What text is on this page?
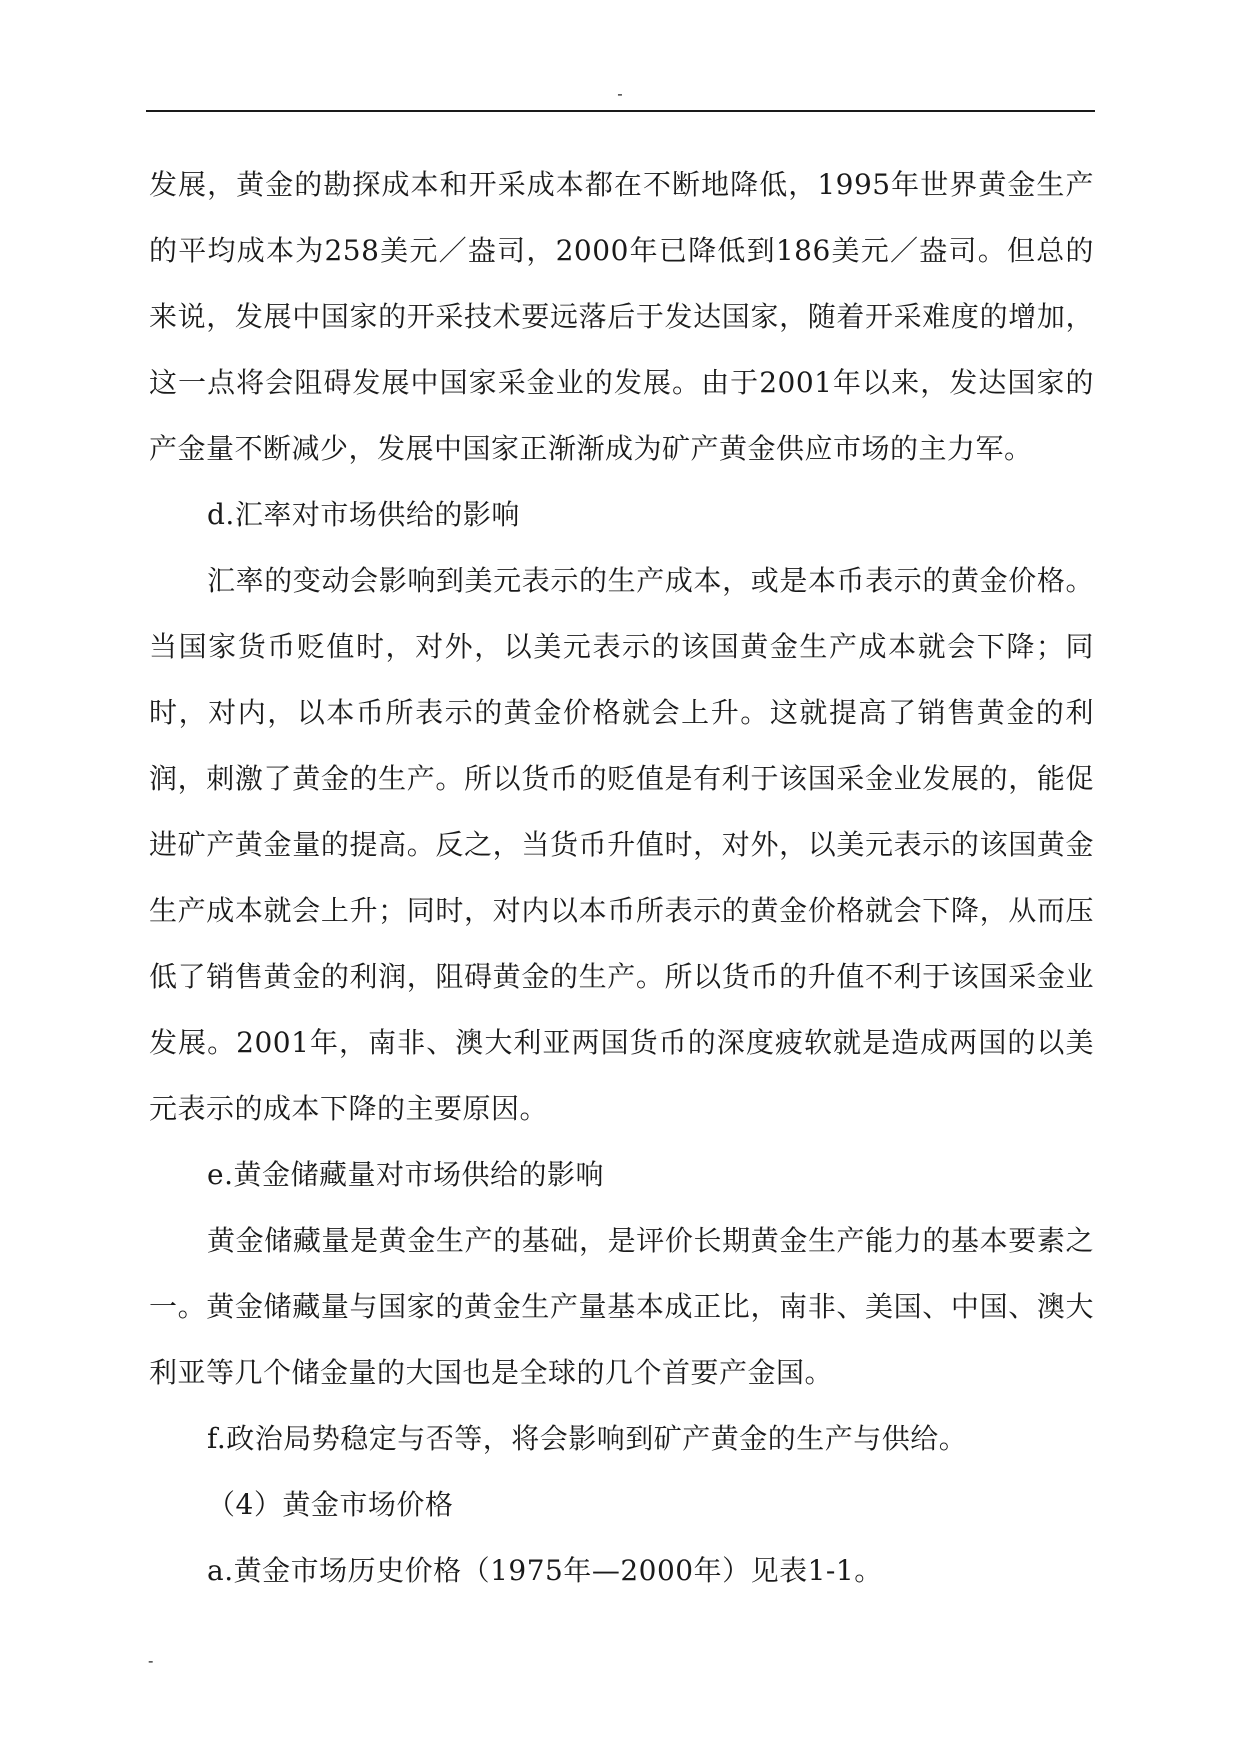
-

发展，黄金的勘探成本和开采成本都在不断地降低，1995年世界黄金生产的平均成本为258美元／盎司，2000年已降低到186美元／盎司。但总的来说，发展中国家的开采技术要远落后于发达国家，随着开采难度的增加，这一点将会阻碍发展中国家采金业的发展。由于2001年以来，发达国家的产金量不断减少，发展中国家正渐渐成为矿产黄金供应市场的主力军。

d.汇率对市场供给的影响

汇率的变动会影响到美元表示的生产成本，或是本币表示的黄金价格。当国家货币贬值时，对外，以美元表示的该国黄金生产成本就会下降；同时，对内，以本币所表示的黄金价格就会上升。这就提高了销售黄金的利润，刺激了黄金的生产。所以货币的贬值是有利于该国采金业发展的，能促进矿产黄金量的提高。反之，当货币升值时，对外，以美元表示的该国黄金生产成本就会上升；同时，对内以本币所表示的黄金价格就会下降，从而压低了销售黄金的利润，阻碍黄金的生产。所以货币的升值不利于该国采金业发展。2001年，南非、澳大利亚两国货币的深度疲软就是造成两国的以美元表示的成本下降的主要原因。

e.黄金储藏量对市场供给的影响

黄金储藏量是黄金生产的基础，是评价长期黄金生产能力的基本要素之一。黄金储藏量与国家的黄金生产量基本成正比，南非、美国、中国、澳大利亚等几个储金量的大国也是全球的几个首要产金国。

f.政治局势稳定与否等，将会影响到矿产黄金的生产与供给。

（4）黄金市场价格

a.黄金市场历史价格（1975年—2000年）见表1-1。

-
